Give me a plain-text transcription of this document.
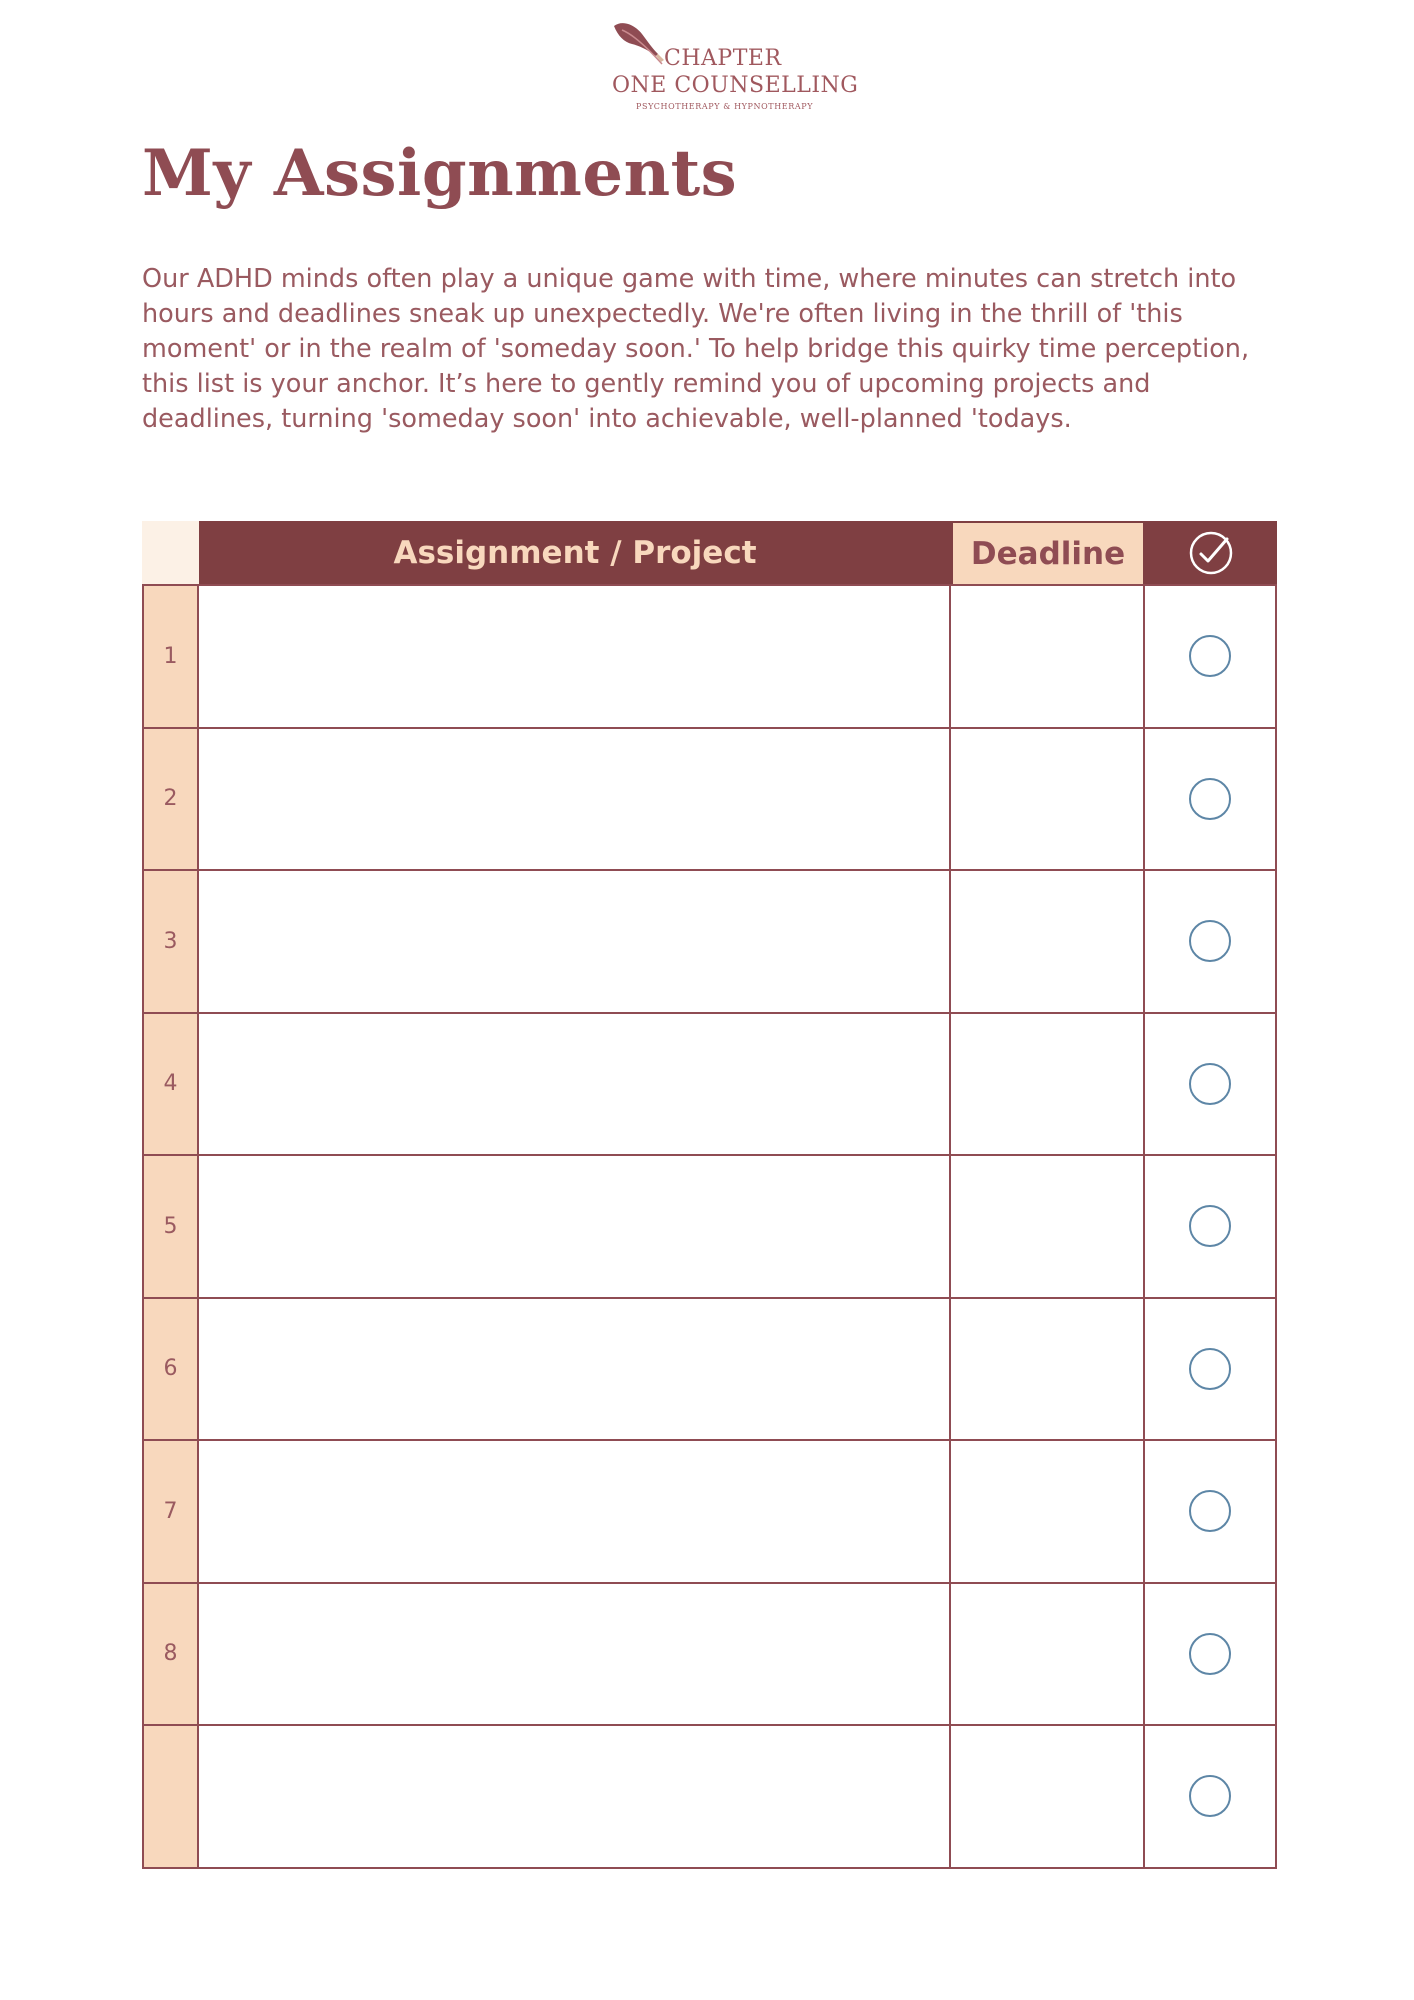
CHAPTER
ONE COUNSELLING
PSYCHOTHERAPY & HYPNOTHERAPY
My Assignments

Our ADHD minds often play a unique game with time, where minutes can stretch into hours and deadlines sneak up unexpectedly. We're often living in the thrill of 'this moment' or in the realm of 'someday soon.' To help bridge this quirky time perception, this list is your anchor. It’s here to gently remind you of upcoming projects and deadlines, turning 'someday soon' into achievable, well-planned 'todays.

Assignment / Project	Deadline
1
2
3
4
5
6
7
8
